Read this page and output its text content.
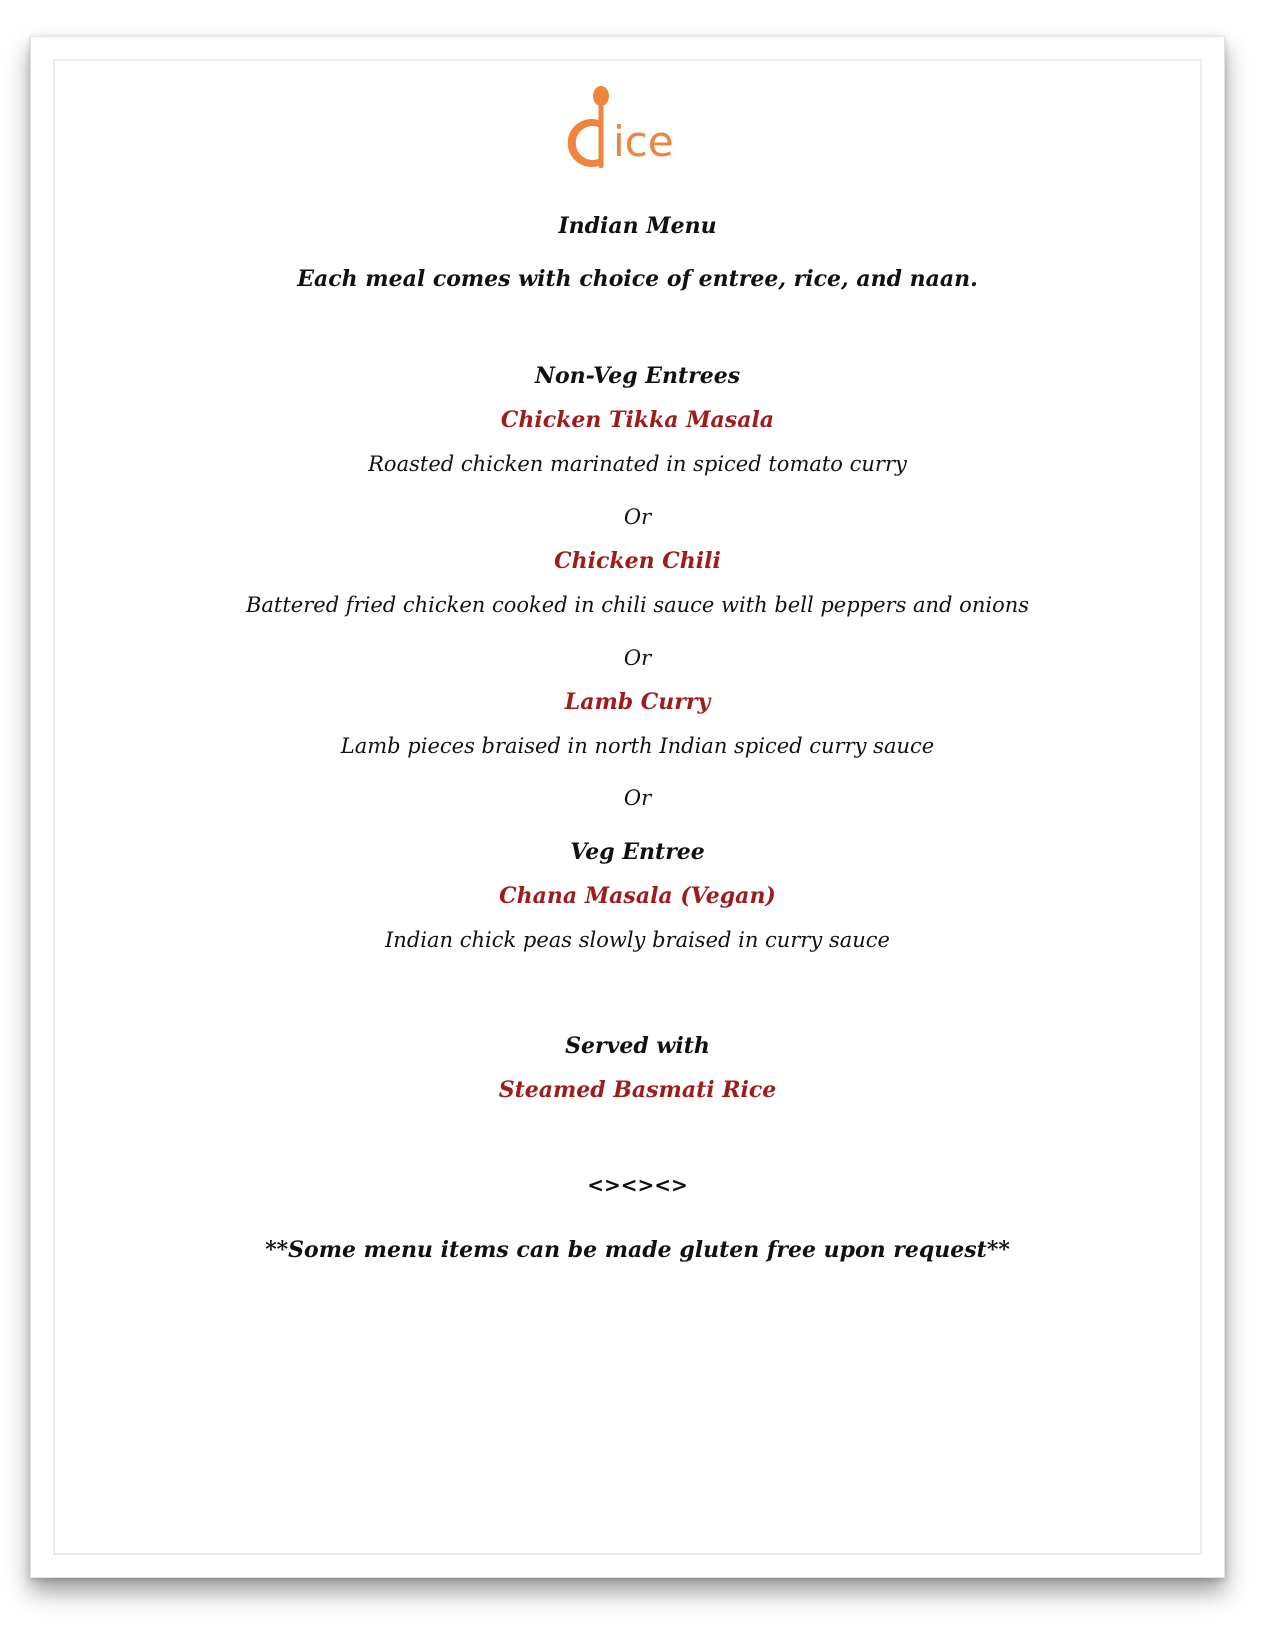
ice
Indian Menu
Each meal comes with choice of entree, rice, and naan.
Non-Veg Entrees
Chicken Tikka Masala
Roasted chicken marinated in spiced tomato curry
Or
Chicken Chili
Battered fried chicken cooked in chili sauce with bell peppers and onions
Or
Lamb Curry
Lamb pieces braised in north Indian spiced curry sauce
Or
Veg Entree
Chana Masala (Vegan)
Indian chick peas slowly braised in curry sauce
Served with
Steamed Basmati Rice
<><><>
**Some menu items can be made gluten free upon request**
